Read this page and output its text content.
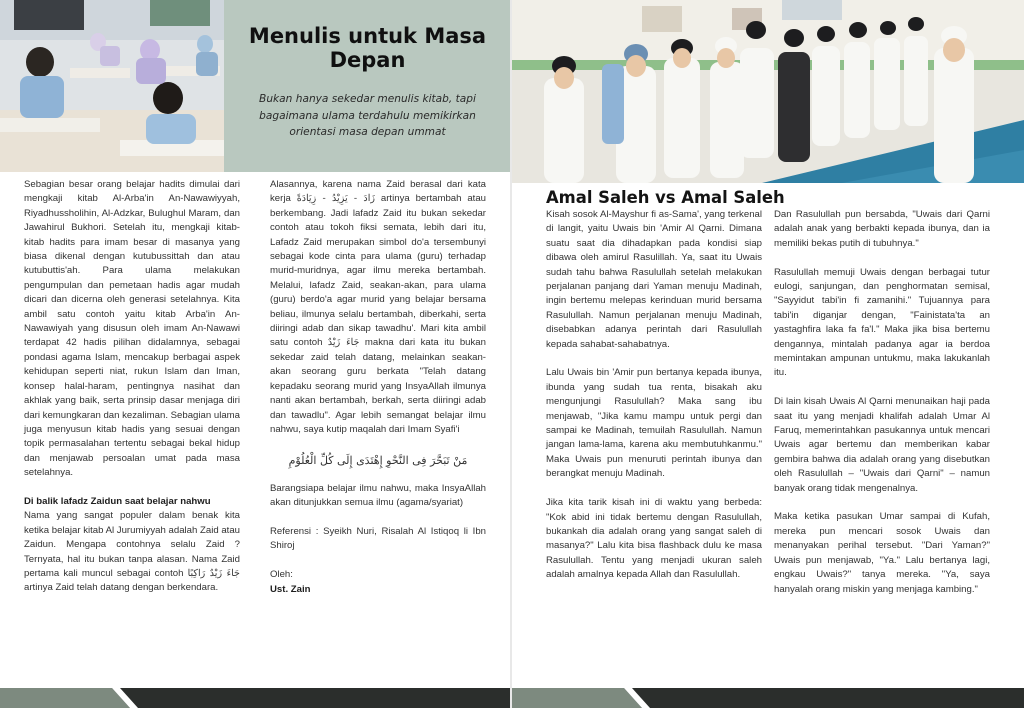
Menulis untuk Masa
Depan
Bukan hanya sekedar menulis kitab, tapi bagaimana ulama terdahulu memikirkan orientasi masa depan ummat

Sebagian besar orang belajar hadits dimulai dari mengkaji kitab Al-Arba'in An-Nawawiyyah, Riyadhussholihin, Al-Adzkar, Bulughul Maram, dan Jawahirul Bukhori. Setelah itu, mengkaji kitab-kitab hadits para imam besar di masanya yang biasa dikenal dengan kutubussittah dan atau kutubuttis'ah. Para ulama melakukan pengumpulan dan pemetaan hadis agar mudah dicari dan dicerna oleh generasi setelahnya. Kita ambil satu contoh yaitu kitab Arba'in An-Nawawiyah yang disusun oleh imam An-Nawawi terdapat 42 hadis pilihan didalamnya, sebagai pondasi agama Islam, mencakup berbagai aspek kehidupan seperti niat, rukun Islam dan Iman, konsep halal-haram, pentingnya nasihat dan akhlak yang baik, serta prinsip dasar menjaga diri dari kemungkaran dan kezaliman. Sebagian ulama juga menyusun kitab hadis yang sesuai dengan topik permasalahan tertentu sebagai bekal hidup dan menjawab persoalan umat pada masa setelahnya.

Di balik lafadz Zaidun saat belajar nahwu

Nama yang sangat populer dalam benak kita ketika belajar kitab Al Jurumiyyah adalah Zaid atau Zaidun. Mengapa contohnya selalu Zaid ? Ternyata, hal itu bukan tanpa alasan. Nama Zaid pertama kali muncul sebagai contoh جَاءَ زَيْدٌ رَاكِبًا artinya Zaid telah datang dengan berkendara.

Alasannya, karena nama Zaid berasal dari kata kerja زَادَ - يَزِيْدُ - زِيَادَةً artinya bertambah atau berkembang. Jadi lafadz Zaid itu bukan sekedar contoh atau tokoh fiksi semata, lebih dari itu, Lafadz Zaid merupakan simbol do'a tersembunyi sebagai kode cinta para ulama (guru) terhadap murid-muridnya, agar ilmu mereka bertambah. Melalui, lafadz Zaid, seakan-akan, para ulama (guru) berdo'a agar murid yang belajar bersama beliau, ilmunya selalu bertambah, diberkahi, serta diiringi adab dan sikap tawadhu'. Mari kita ambil satu contoh جَاءَ زَيْدٌ makna dari kata itu bukan sekedar zaid telah datang, melainkan seakan-akan seorang guru berkata "Telah datang kepadaku seorang murid yang InsyaAllah ilmunya nanti akan bertambah, berkah, serta diiringi adab dan tawadlu". Agar lebih semangat belajar ilmu nahwu, saya kutip maqalah dari Imam Syafi'i

مَنْ تَبَحَّرَ فِى النَّحْوِ إِهْتَدَى إِلَى كُلِّ الْعُلُوْمِ

Barangsiapa belajar ilmu nahwu, maka InsyaAllah akan ditunjukkan semua ilmu (agama/syariat)

Referensi : Syeikh Nuri, Risalah Al Istiqoq li Ibn Shiroj

Oleh:
Ust. Zain
Amal Saleh vs Amal Saleh

Kisah sosok Al-Mayshur fi as-Sama', yang terkenal di langit, yaitu Uwais bin 'Amir Al Qarni. Dimana suatu saat dia dihadapkan pada kondisi siap dibawa oleh amirul Rasulillah. Ya, saat itu Uwais sudah tahu bahwa Rasulullah setelah melakukan perjalanan panjang dari Yaman menuju Madinah, ingin bertemu melepas kerinduan murid bersama Rasulullah. Namun perjalanan menuju Madinah, disebabkan adanya perintah dari Rasulullah kepada sahabat-sahabatnya.

Lalu Uwais bin 'Amir pun bertanya kepada ibunya, ibunda yang sudah tua renta, bisakah aku mengunjungi Rasulullah? Maka sang ibu menjawab, "Jika kamu mampu untuk pergi dan sampai ke Madinah, temuilah Rasulullah. Namun jangan lama-lama, karena aku membutuhkanmu." Maka Uwais pun menuruti perintah ibunya dan berangkat menuju Madinah.

Jika kita tarik kisah ini di waktu yang berbeda: "Kok abid ini tidak bertemu dengan Rasulullah, bukankah dia adalah orang yang sangat saleh di masanya?" Lalu kita bisa flashback dulu ke masa Rasulullah. Tentu yang menjadi ukuran saleh adalah amalnya kepada Allah dan Rasulullah.

Dan Rasulullah pun bersabda, "Uwais dari Qarni adalah anak yang berbakti kepada ibunya, dan ia memiliki bekas putih di tubuhnya."

Rasulullah memuji Uwais dengan berbagai tutur eulogi, sanjungan, dan penghormatan semisal, "Sayyidut tabi'in fi zamanihi." Tujuannya para tabi'in diganjar dengan, "Fainistata'ta an yastaghfira laka fa fa'l." Maka jika bisa bertemu dengannya, mintalah padanya agar ia berdoa memintakan ampunan untukmu, maka lakukanlah itu.

Di lain kisah Uwais Al Qarni menunaikan haji pada saat itu yang menjadi khalifah adalah Umar Al Faruq, memerintahkan pasukannya untuk mencari Uwais agar bertemu dan memberikan kabar gembira bahwa dia adalah orang yang disebutkan oleh Rasulullah – "Uwais dari Qarni" – namun banyak orang tidak mengenalnya.

Maka ketika pasukan Umar sampai di Kufah, mereka pun mencari sosok Uwais dan menanyakan perihal tersebut. "Dari Yaman?" Uwais pun menjawab, "Ya." Lalu bertanya lagi, engkau Uwais?" tanya mereka. "Ya, saya hanyalah orang miskin yang menjaga kambing."
